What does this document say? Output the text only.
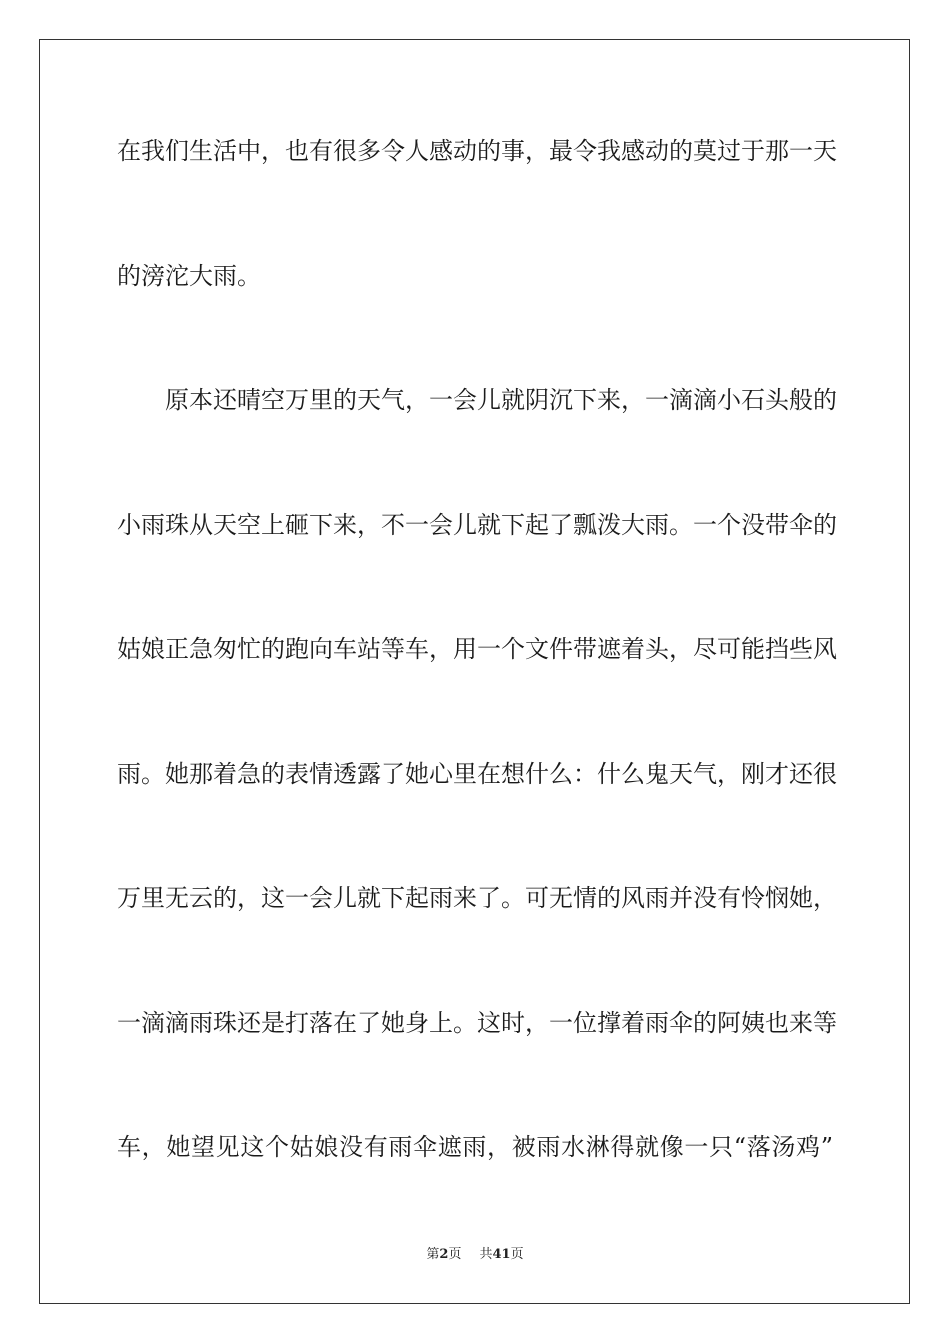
在我们生活中，也有很多令人感动的事，最令我感动的莫过于那一天
的滂沱大雨。
原本还晴空万里的天气，一会儿就阴沉下来，一滴滴小石头般的
小雨珠从天空上砸下来，不一会儿就下起了瓢泼大雨。一个没带伞的
姑娘正急匆忙的跑向车站等车，用一个文件带遮着头，尽可能挡些风
雨。她那着急的表情透露了她心里在想什么：什么鬼天气，刚才还很
万里无云的，这一会儿就下起雨来了。可无情的风雨并没有怜悯她，
一滴滴雨珠还是打落在了她身上。这时，一位撑着雨伞的阿姨也来等
车，她望见这个姑娘没有雨伞遮雨，被雨水淋得就像一只“落汤鸡”
第2页 共41页
